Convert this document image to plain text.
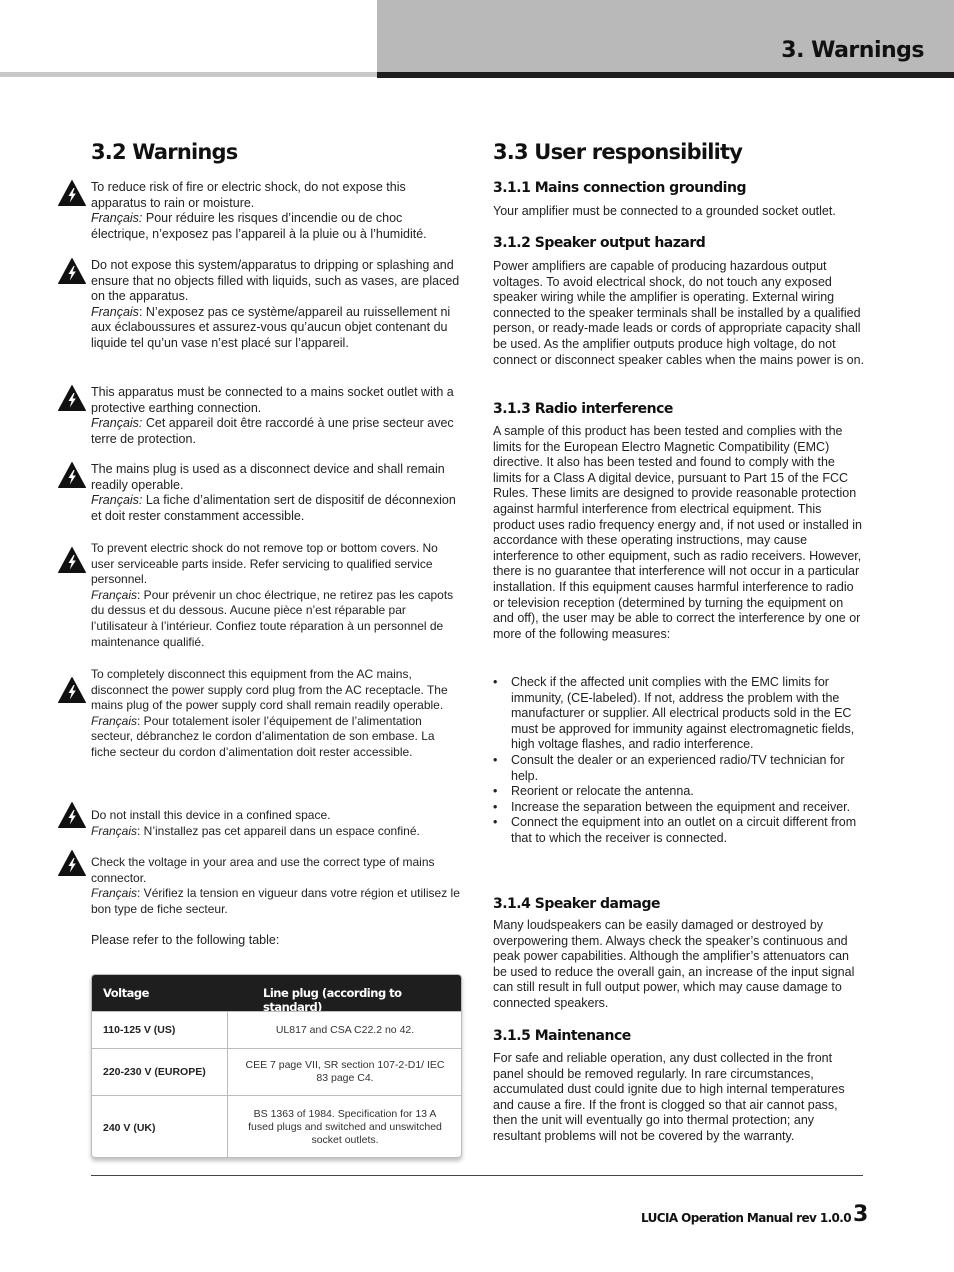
3. Warnings
3.2 Warnings
To reduce risk of fire or electric shock, do not expose this apparatus to rain or moisture.
Français: Pour réduire les risques d’incendie ou de choc électrique, n’exposez pas l’appareil à la pluie ou à l’humidité.
Do not expose this system/apparatus to dripping or splashing and ensure that no objects filled with liquids, such as vases, are placed on the apparatus.
Français: N’exposez pas ce système/appareil au ruissellement ni aux éclaboussures et assurez-vous qu’aucun objet contenant du liquide tel qu’un vase n’est placé sur l’appareil.
This apparatus must be connected to a mains socket outlet with a protective earthing connection.
Français: Cet appareil doit être raccordé à une prise secteur avec terre de protection.
The mains plug is used as a disconnect device and shall remain readily operable.
Français: La fiche d’alimentation sert de dispositif de déconnexion et doit rester constamment accessible.
To prevent electric shock do not remove top or bottom covers. No user serviceable parts inside. Refer servicing to qualified service personnel.
Français: Pour prévenir un choc électrique, ne retirez pas les capots du dessus et du dessous. Aucune pièce n’est réparable par l’utilisateur à l’intérieur. Confiez toute réparation à un personnel de maintenance qualifié.
To completely disconnect this equipment from the AC mains, disconnect the power supply cord plug from the AC receptacle. The mains plug of the power supply cord shall remain readily operable.
Français: Pour totalement isoler l’équipement de l’alimentation secteur, débranchez le cordon d’alimentation de son embase. La fiche secteur du cordon d’alimentation doit rester accessible.
Do not install this device in a confined space.
Français: N’installez pas cet appareil dans un espace confiné.
Check the voltage in your area and use the correct type of mains connector.
Français: Vérifiez la tension en vigueur dans votre région et utilisez le bon type de fiche secteur.
Please refer to the following table:
Voltage	Line plug (according to standard)
110-125 V (US)	UL817 and CSA C22.2 no 42.
220-230 V (EUROPE)
CEE 7 page VII, SR section 107-2-D1/ IEC 83 page C4.
240 V (UK)
BS 1363 of 1984. Specification for 13 A fused plugs and switched and unswitched socket outlets.
3.3 User responsibility
3.1.1 Mains connection grounding
Your amplifier must be connected to a grounded socket outlet.
3.1.2 Speaker output hazard
Power amplifiers are capable of producing hazardous output voltages. To avoid electrical shock, do not touch any exposed speaker wiring while the amplifier is operating. External wiring connected to the speaker terminals shall be installed by a qualified person, or ready-made leads or cords of appropriate capacity shall be used. As the amplifier outputs produce high voltage, do not connect or disconnect speaker cables when the mains power is on.
3.1.3 Radio interference
A sample of this product has been tested and complies with the limits for the European Electro Magnetic Compatibility (EMC) directive. It also has been tested and found to comply with the limits for a Class A digital device, pursuant to Part 15 of the FCC Rules. These limits are designed to provide reasonable protection against harmful interference from electrical equipment. This product uses radio frequency energy and, if not used or installed in accordance with these operating instructions, may cause interference to other equipment, such as radio receivers. However, there is no guarantee that interference will not occur in a particular installation. If this equipment causes harmful interference to radio or television reception (determined by turning the equipment on and off), the user may be able to correct the interference by one or more of the following measures:
• Check if the affected unit complies with the EMC limits for immunity, (CE-labeled). If not, address the problem with the manufacturer or supplier. All electrical products sold in the EC must be approved for immunity against electromagnetic fields, high voltage flashes, and radio interference.
• Consult the dealer or an experienced radio/TV technician for help.
• Reorient or relocate the antenna.
• Increase the separation between the equipment and receiver.
• Connect the equipment into an outlet on a circuit different from that to which the receiver is connected.
3.1.4 Speaker damage
Many loudspeakers can be easily damaged or destroyed by overpowering them. Always check the speaker’s continuous and peak power capabilities. Although the amplifier’s attenuators can be used to reduce the overall gain, an increase of the input signal can still result in full output power, which may cause damage to connected speakers.
3.1.5 Maintenance
For safe and reliable operation, any dust collected in the front panel should be removed regularly. In rare circumstances, accumulated dust could ignite due to high internal temperatures and cause a fire. If the front is clogged so that air cannot pass, then the unit will eventually go into thermal protection; any resultant problems will not be covered by the warranty.
LUCIA Operation Manual rev 1.0.0 3
